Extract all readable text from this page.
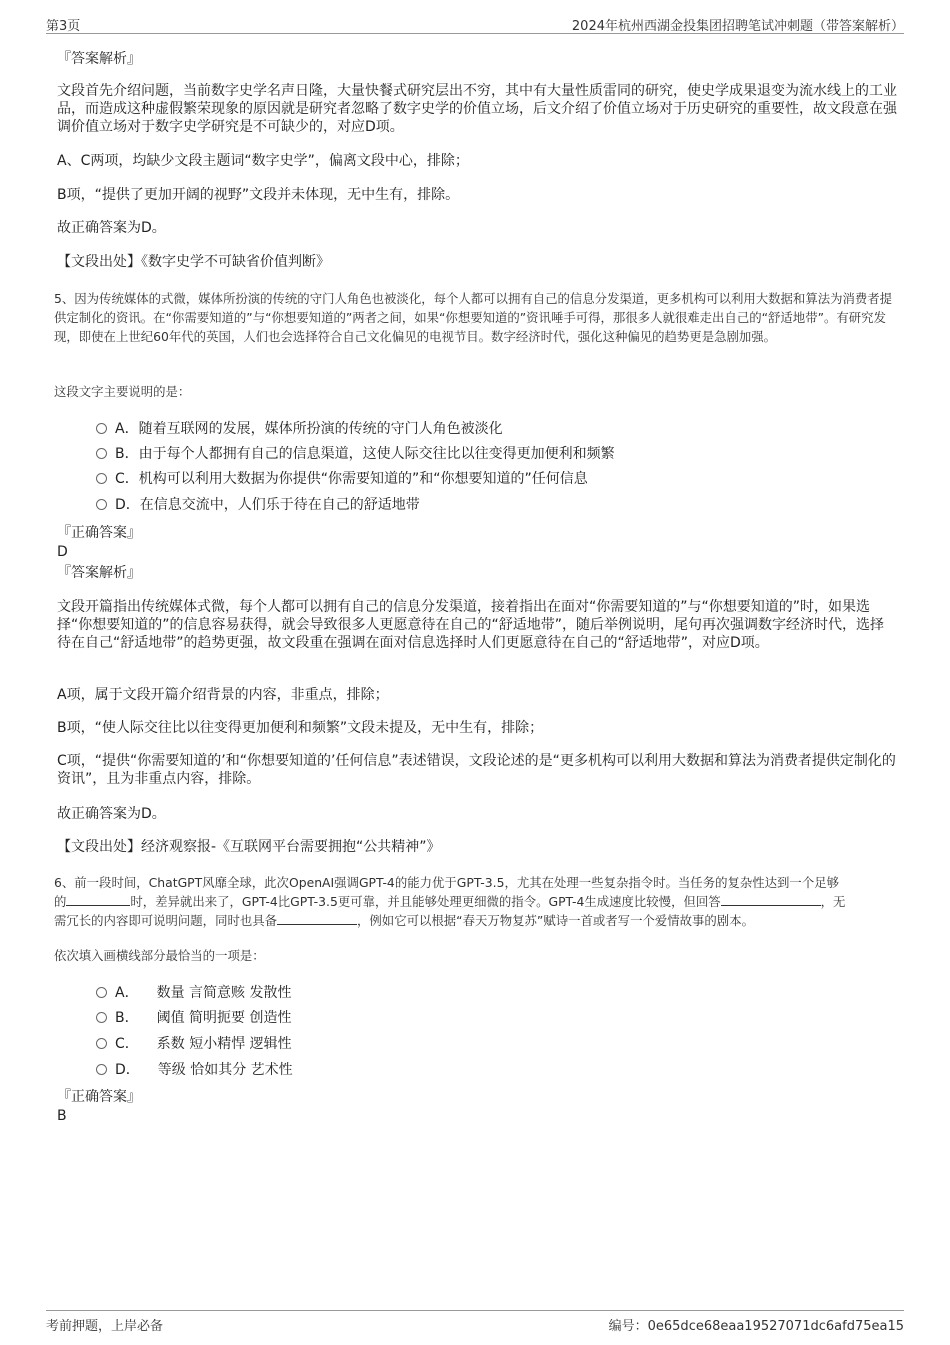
第3页	2024年杭州西湖金投集团招聘笔试冲刺题（带答案解析）
『答案解析』
文段首先介绍问题，当前数字史学名声日隆，大量快餐式研究层出不穷，其中有大量性质雷同的研究，使史学成果退变为流水线上的工业品，而造成这种虚假繁荣现象的原因就是研究者忽略了数字史学的价值立场，后文介绍了价值立场对于历史研究的重要性，故文段意在强调价值立场对于数字史学研究是不可缺少的，对应D项。
A、C两项，均缺少文段主题词“数字史学”，偏离文段中心，排除；
B项，“提供了更加开阔的视野”文段并未体现，无中生有，排除。
故正确答案为D。
【文段出处】《数字史学不可缺省价值判断》
5、因为传统媒体的式微，媒体所扮演的传统的守门人角色也被淡化，每个人都可以拥有自己的信息分发渠道，更多机构可以利用大数据和算法为消费者提供定制化的资讯。在“你需要知道的”与“你想要知道的”两者之间，如果“你想要知道的”资讯唾手可得，那很多人就很难走出自己的“舒适地带”。有研究发现，即使在上世纪60年代的英国，人们也会选择符合自己文化偏见的电视节目。数字经济时代，强化这种偏见的趋势更是急剧加强。
这段文字主要说明的是：
A．随着互联网的发展，媒体所扮演的传统的守门人角色被淡化
B．由于每个人都拥有自己的信息渠道，这使人际交往比以往变得更加便利和频繁
C．机构可以利用大数据为你提供“你需要知道的”和“你想要知道的”任何信息
D．在信息交流中，人们乐于待在自己的舒适地带
『正确答案』
D
『答案解析』
文段开篇指出传统媒体式微，每个人都可以拥有自己的信息分发渠道，接着指出在面对“你需要知道的”与“你想要知道的”时，如果选择“你想要知道的”的信息容易获得，就会导致很多人更愿意待在自己的“舒适地带”，随后举例说明，尾句再次强调数字经济时代，选择待在自己“舒适地带”的趋势更强，故文段重在强调在面对信息选择时人们更愿意待在自己的“舒适地带”，对应D项。
A项，属于文段开篇介绍背景的内容，非重点，排除；
B项，“使人际交往比以往变得更加便利和频繁”文段未提及，无中生有，排除；
C项，“提供“你需要知道的’和“你想要知道的’任何信息”表述错误，文段论述的是“更多机构可以利用大数据和算法为消费者提供定制化的资讯”，且为非重点内容，排除。
故正确答案为D。
【文段出处】经济观察报-《互联网平台需要拥抱“公共精神”》
6、前一段时间，ChatGPT风靡全球，此次OpenAI强调GPT-4的能力优于GPT-3.5，尤其在处理一些复杂指令时。当任务的复杂性达到一个足够
的	时，差异就出来了，GPT-4比GPT-3.5更可靠，并且能够处理更细微的指令。GPT-4生成速度比较慢，但回答	，无
需冗长的内容即可说明问题，同时也具备	，例如它可以根据“春天万物复苏”赋诗一首或者写一个爱情故事的剧本。
依次填入画横线部分最恰当的一项是：
A． 数量 言简意赅 发散性
B． 阈值 简明扼要 创造性
C． 系数 短小精悍 逻辑性
D． 等级 恰如其分 艺术性
『正确答案』
B
考前押题，上岸必备	编号：0e65dce68eaa19527071dc6afd75ea15
